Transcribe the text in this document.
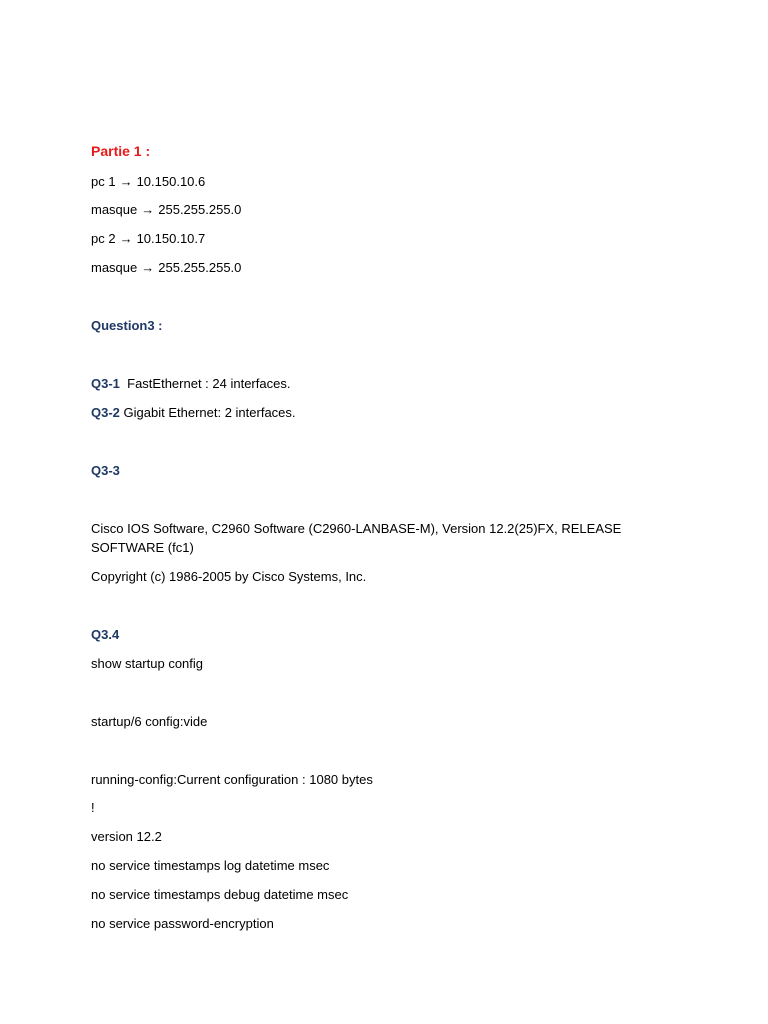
Partie 1 :
pc 1 → 10.150.10.6
masque → 255.255.255.0
pc 2 → 10.150.10.7
masque → 255.255.255.0
Question3 :
Q3-1 FastEthernet : 24 interfaces.
Q3-2 Gigabit Ethernet: 2 interfaces.
Q3-3
Cisco IOS Software, C2960 Software (C2960-LANBASE-M), Version 12.2(25)FX, RELEASE
SOFTWARE (fc1)
Copyright (c) 1986-2005 by Cisco Systems, Inc.
Q3.4
show startup config
startup/6 config:vide
running-config:Current configuration : 1080 bytes
!
version 12.2
no service timestamps log datetime msec
no service timestamps debug datetime msec
no service password-encryption
